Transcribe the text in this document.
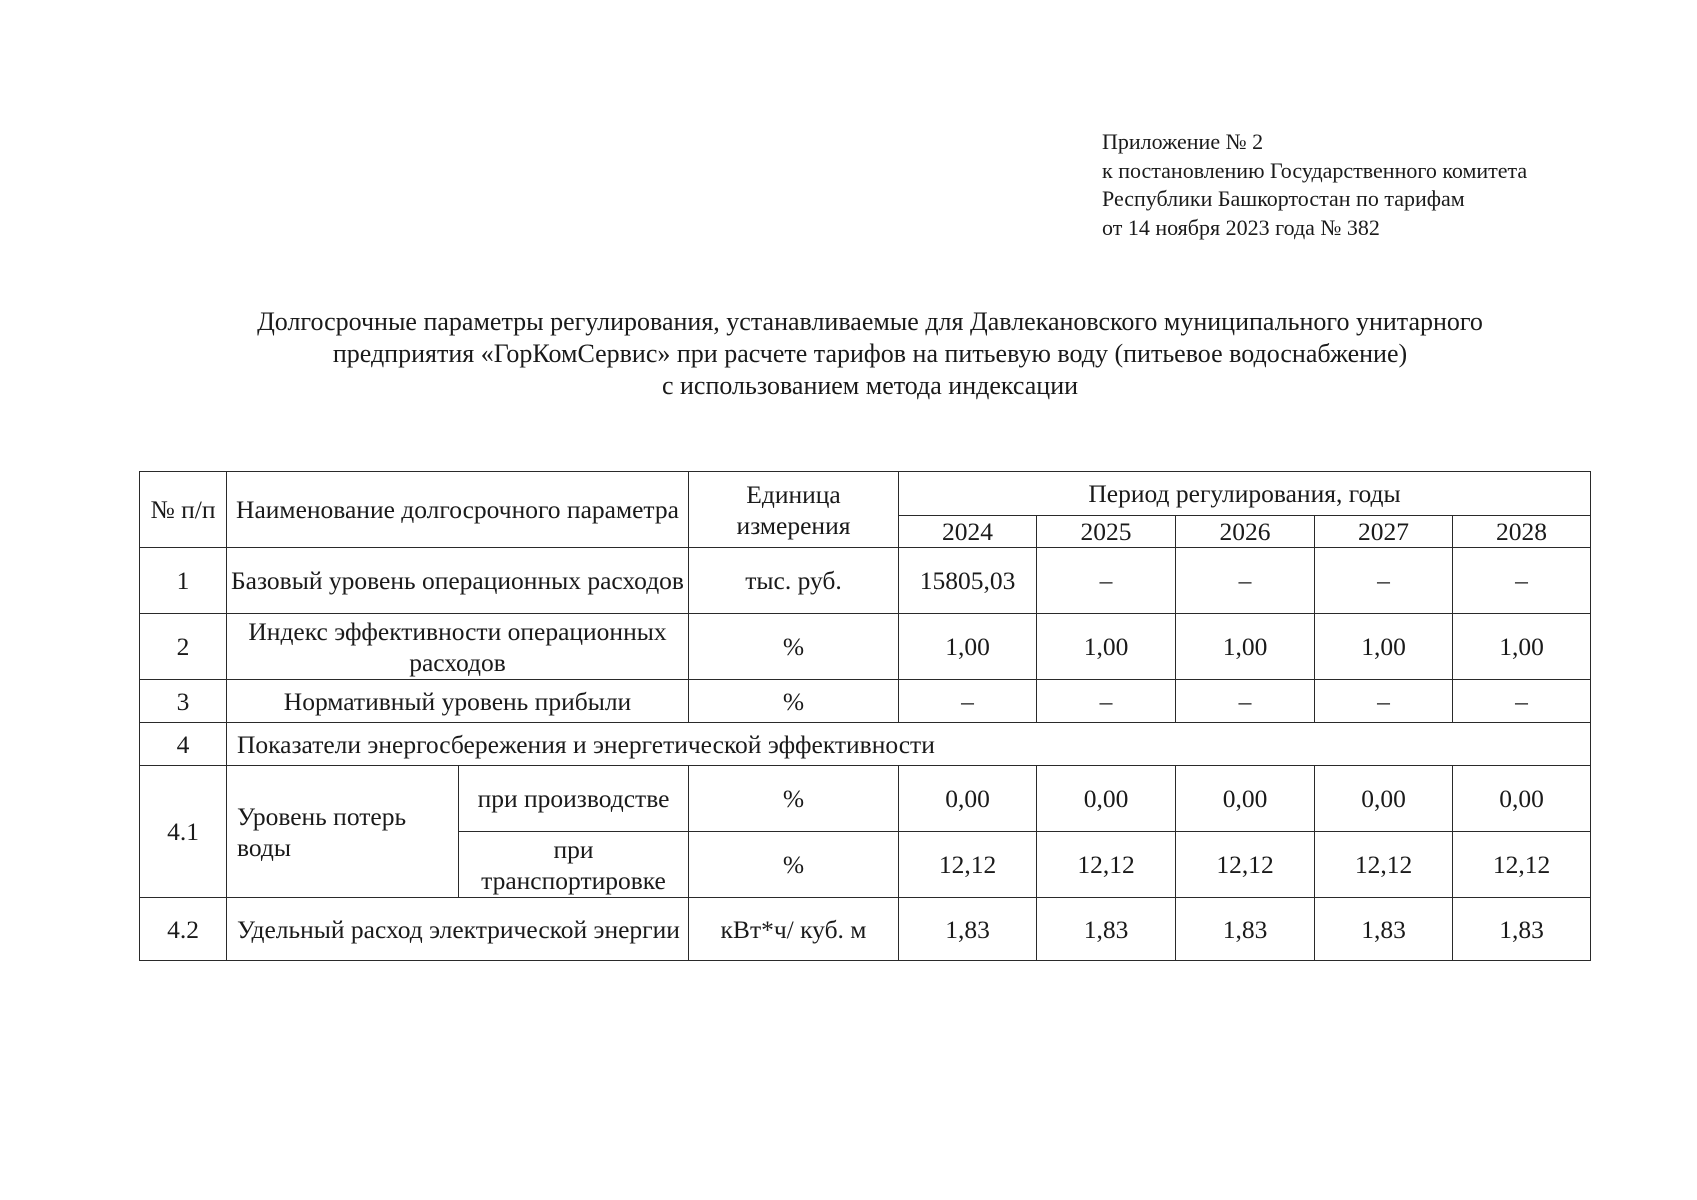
Приложение № 2
к постановлению Государственного комитета
Республики Башкортостан по тарифам
от 14 ноября 2023 года № 382
Долгосрочные параметры регулирования, устанавливаемые для Давлекановского муниципального унитарного
предприятия «ГорКомСервис» при расчете тарифов на питьевую воду (питьевое водоснабжение)
с использованием метода индексации
№ п/п	Наименование долгосрочного параметра		Единица измерения	Период регулирования, годы				
				2024	2025	2026	2027	2028
1	Базовый уровень операционных расходов		тыс. руб.	15805,03	–	–	–	–
2	Индекс эффективности операционных расходов		%	1,00	1,00	1,00	1,00	1,00
3	Нормативный уровень прибыли		%	–	–	–	–	–
4	Показатели энергосбережения и энергетической эффективности							
4.1	Уровень потерь воды	при производстве	%	0,00	0,00	0,00	0,00	0,00
		при транспортировке	%	12,12	12,12	12,12	12,12	12,12
4.2	Удельный расход электрической энергии		кВт*ч/ куб. м	1,83	1,83	1,83	1,83	1,83
